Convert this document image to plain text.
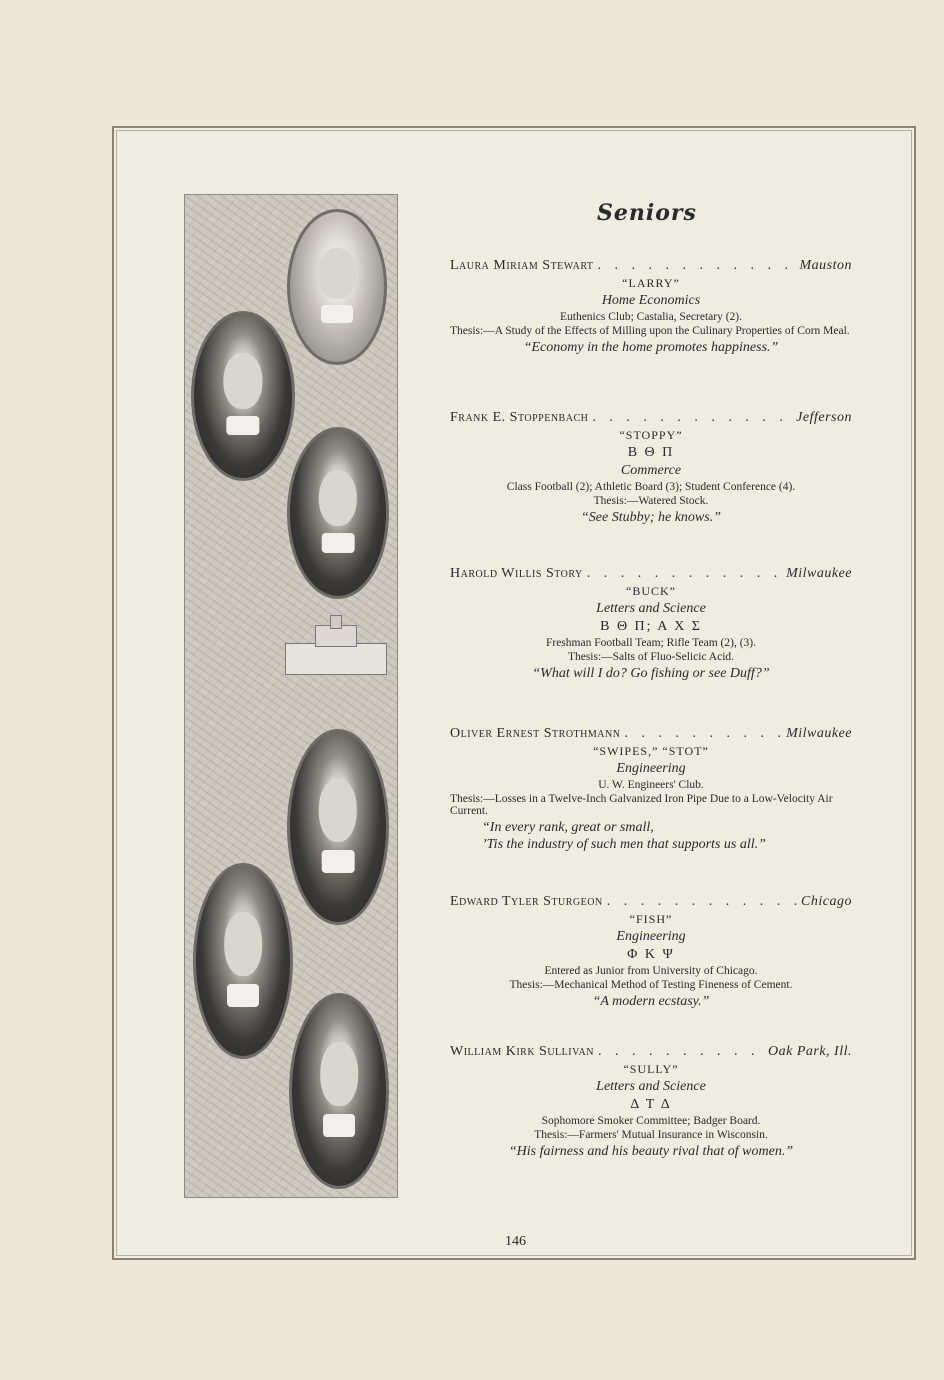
Seniors
Laura Miriam Stewart . . .	Mauston
“LARRY”
Home Economics
Euthenics Club; Castalia, Secretary (2).
Thesis:—A Study of the Effects of Milling upon the Culinary Properties of Corn Meal.
“Economy in the home promotes happiness.”
Frank E. Stoppenbach . . .	Jefferson
“STOPPY”
Β Θ Π
Commerce
Class Football (2); Athletic Board (3); Student Conference (4).
Thesis:—Watered Stock.
“See Stubby; he knows.”
Harold Willis Story . . .	Milwaukee
“BUCK”
Letters and Science
Β Θ Π; Α Χ Σ
Freshman Football Team; Rifle Team (2), (3).
Thesis:—Salts of Fluo-Selicic Acid.
“What will I do? Go fishing or see Duff?”
Oliver Ernest Strothmann . . .	Milwaukee
“SWIPES,” “STOT”
Engineering
U. W. Engineers' Club.
Thesis:—Losses in a Twelve-Inch Galvanized Iron Pipe Due to a Low-Velocity Air Current.
“In every rank, great or small,
’Tis the industry of such men that supports us all.”
Edward Tyler Sturgeon . . .	Chicago
“FISH”
Engineering
Φ Κ Ψ
Entered as Junior from University of Chicago.
Thesis:—Mechanical Method of Testing Fineness of Cement.
“A modern ecstasy.”
William Kirk Sullivan . . .	Oak Park, Ill.
“SULLY”
Letters and Science
Δ Τ Δ
Sophomore Smoker Committee; Badger Board.
Thesis:—Farmers' Mutual Insurance in Wisconsin.
“His fairness and his beauty rival that of women.”
146
